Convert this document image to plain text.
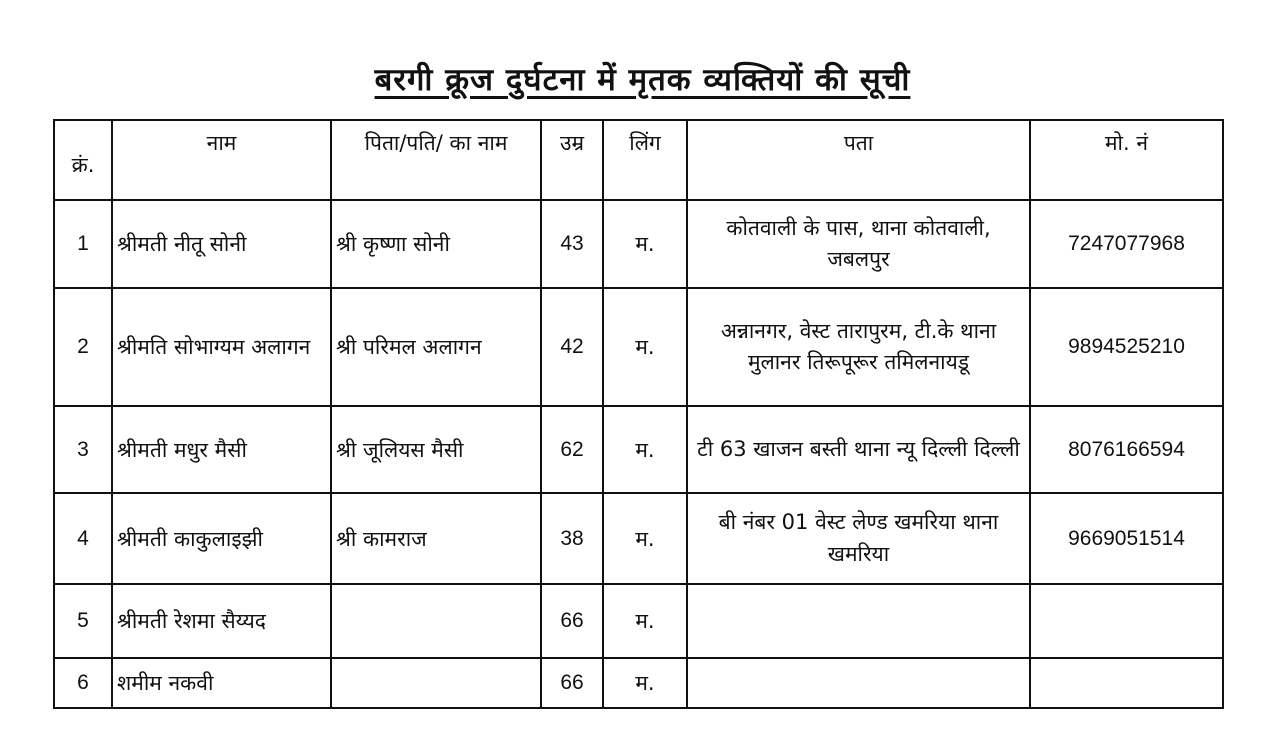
बरगी क्रूज दुर्घटना में मृतक व्यक्तियों की सूची
क्रं.	नाम	पिता/पति/ का नाम	उम्र	लिंग	पता	मो. नं
1	श्रीमती नीतू सोनी	श्री कृष्णा सोनी	43	म.	कोतवाली के पास, थाना कोतवाली, जबलपुर	7247077968
2	श्रीमति सोभाग्यम अलागन	श्री परिमल अलागन	42	म.	अन्नानगर, वेस्ट तारापुरम, टी.के थाना मुलानर तिरूपूरूर तमिलनायडू	9894525210
3	श्रीमती मधुर मैसी	श्री जूलियस मैसी	62	म.	टी 63 खाजन बस्ती थाना न्यू दिल्ली दिल्ली	8076166594
4	श्रीमती काकुलाइझी	श्री कामराज	38	म.	बी नंबर 01 वेस्ट लेण्ड खमरिया थाना खमरिया	9669051514
5	श्रीमती रेशमा सैय्यद		66	म.		
6	शमीम नकवी		66	म.		
